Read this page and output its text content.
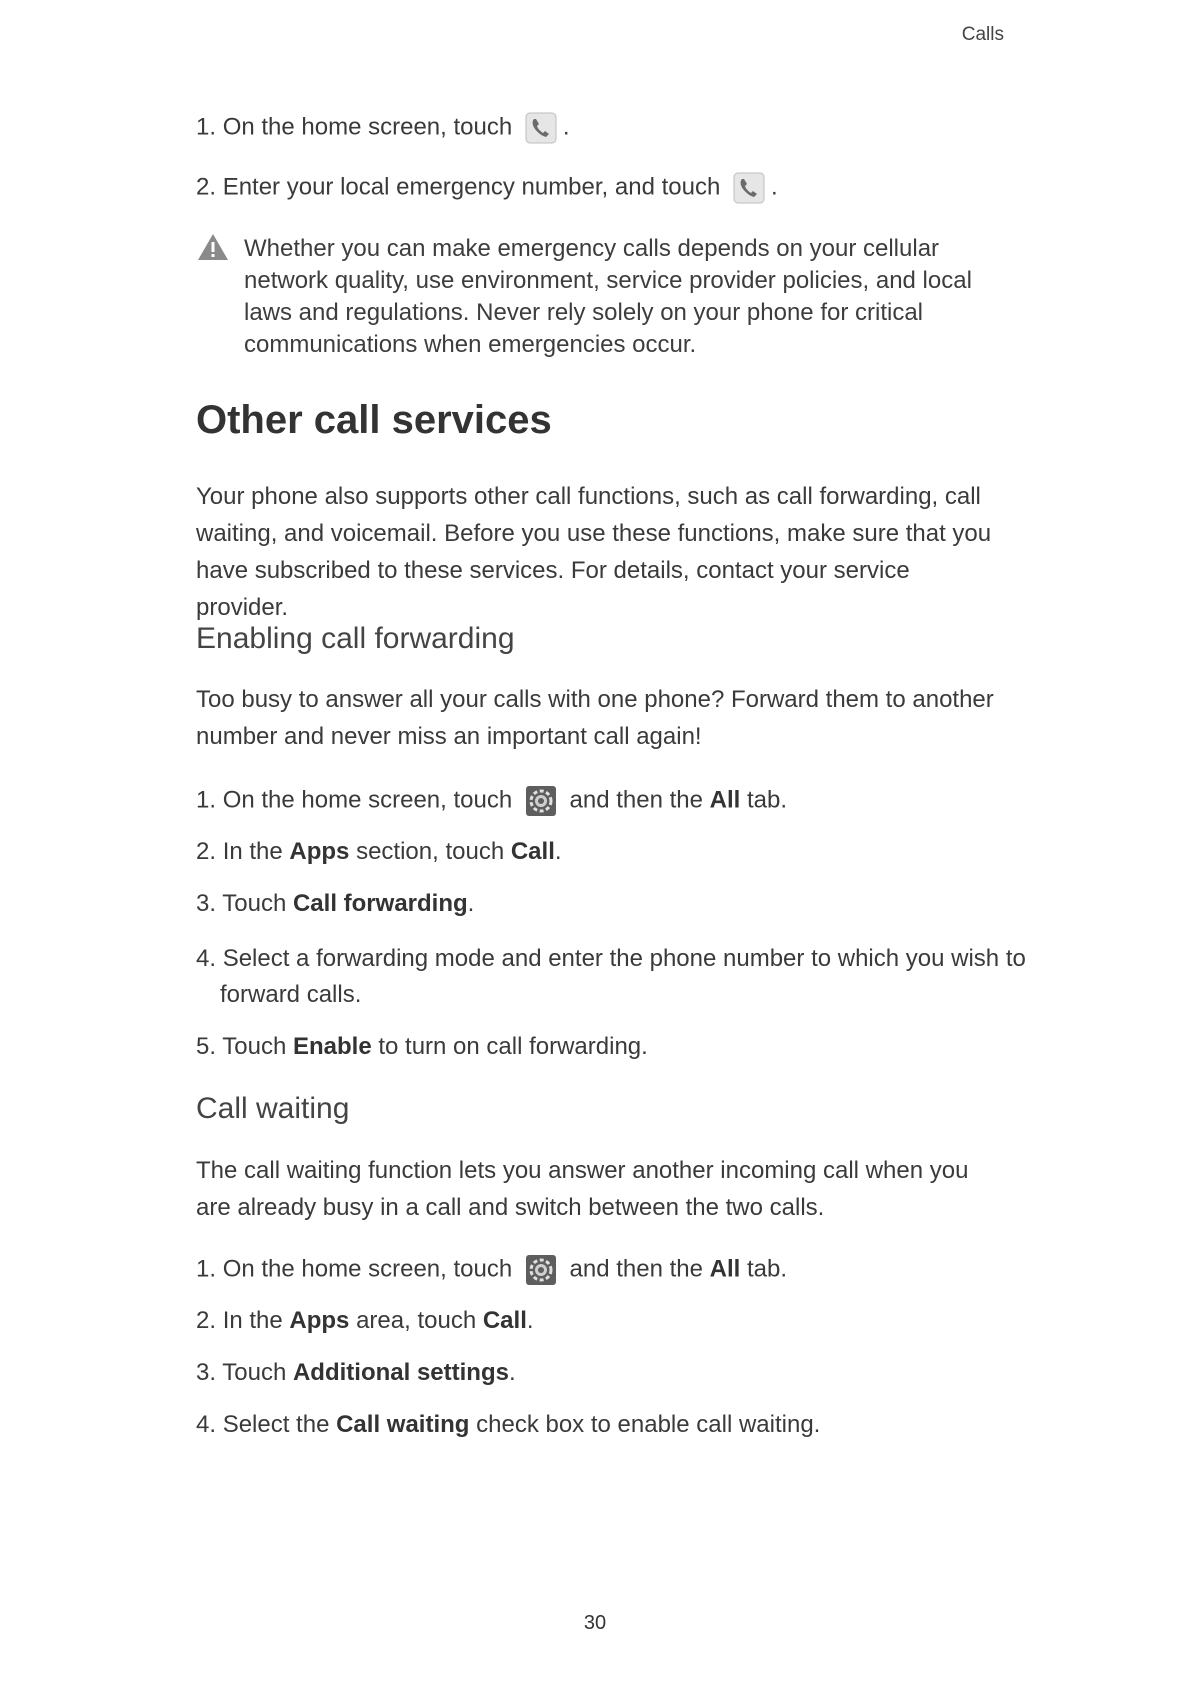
Calls
1. On the home screen, touch .
2. Enter your local emergency number, and touch .
Whether you can make emergency calls depends on your cellular network quality, use environment, service provider policies, and local laws and regulations. Never rely solely on your phone for critical communications when emergencies occur.
Other call services

Your phone also supports other call functions, such as call forwarding, call waiting, and voicemail. Before you use these functions, make sure that you have subscribed to these services. For details, contact your service provider.

Enabling call forwarding

Too busy to answer all your calls with one phone? Forward them to another number and never miss an important call again!

1. On the home screen, touch and then the All tab.
2. In the Apps section, touch Call.
3. Touch Call forwarding.
4. Select a forwarding mode and enter the phone number to which you wish to forward calls.
5. Touch Enable to turn on call forwarding.
Call waiting

The call waiting function lets you answer another incoming call when you are already busy in a call and switch between the two calls.

1. On the home screen, touch and then the All tab.
2. In the Apps area, touch Call.
3. Touch Additional settings.
4. Select the Call waiting check box to enable call waiting.
30
